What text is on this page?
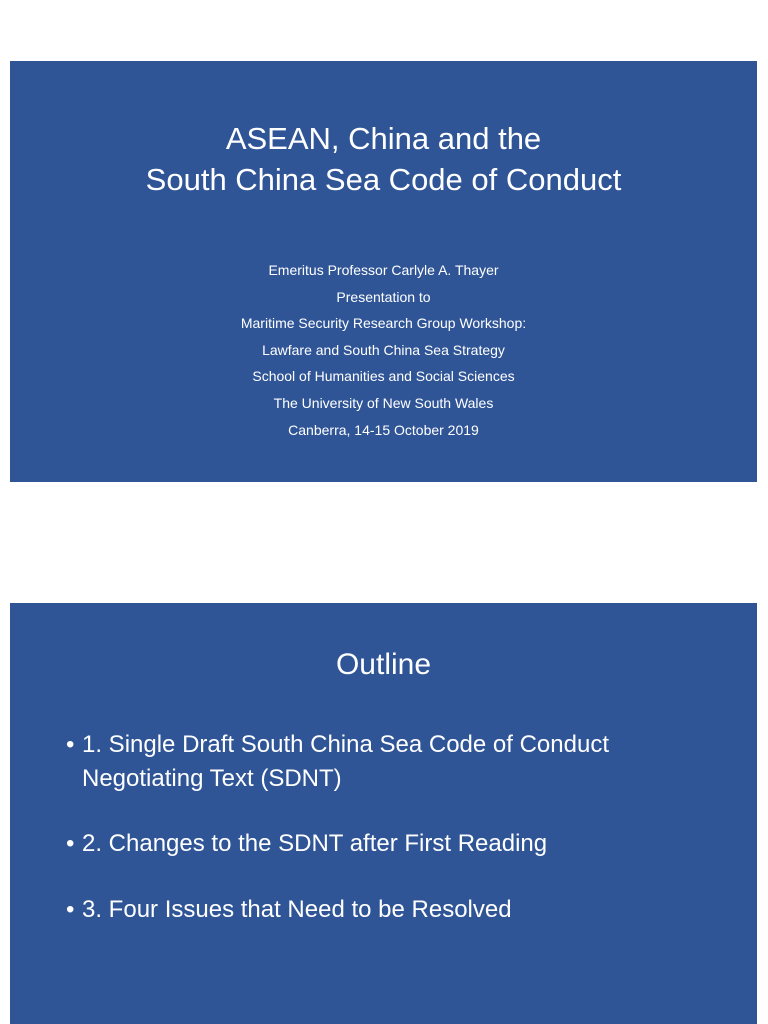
ASEAN, China and the
South China Sea Code of Conduct
Emeritus Professor Carlyle A. Thayer
Presentation to
Maritime Security Research Group Workshop:
Lawfare and South China Sea Strategy
School of Humanities and Social Sciences
The University of New South Wales
Canberra, 14-15 October 2019
Outline
• 1. Single Draft South China Sea Code of Conduct Negotiating Text (SDNT)
• 2. Changes to the SDNT after First Reading
• 3. Four Issues that Need to be Resolved
